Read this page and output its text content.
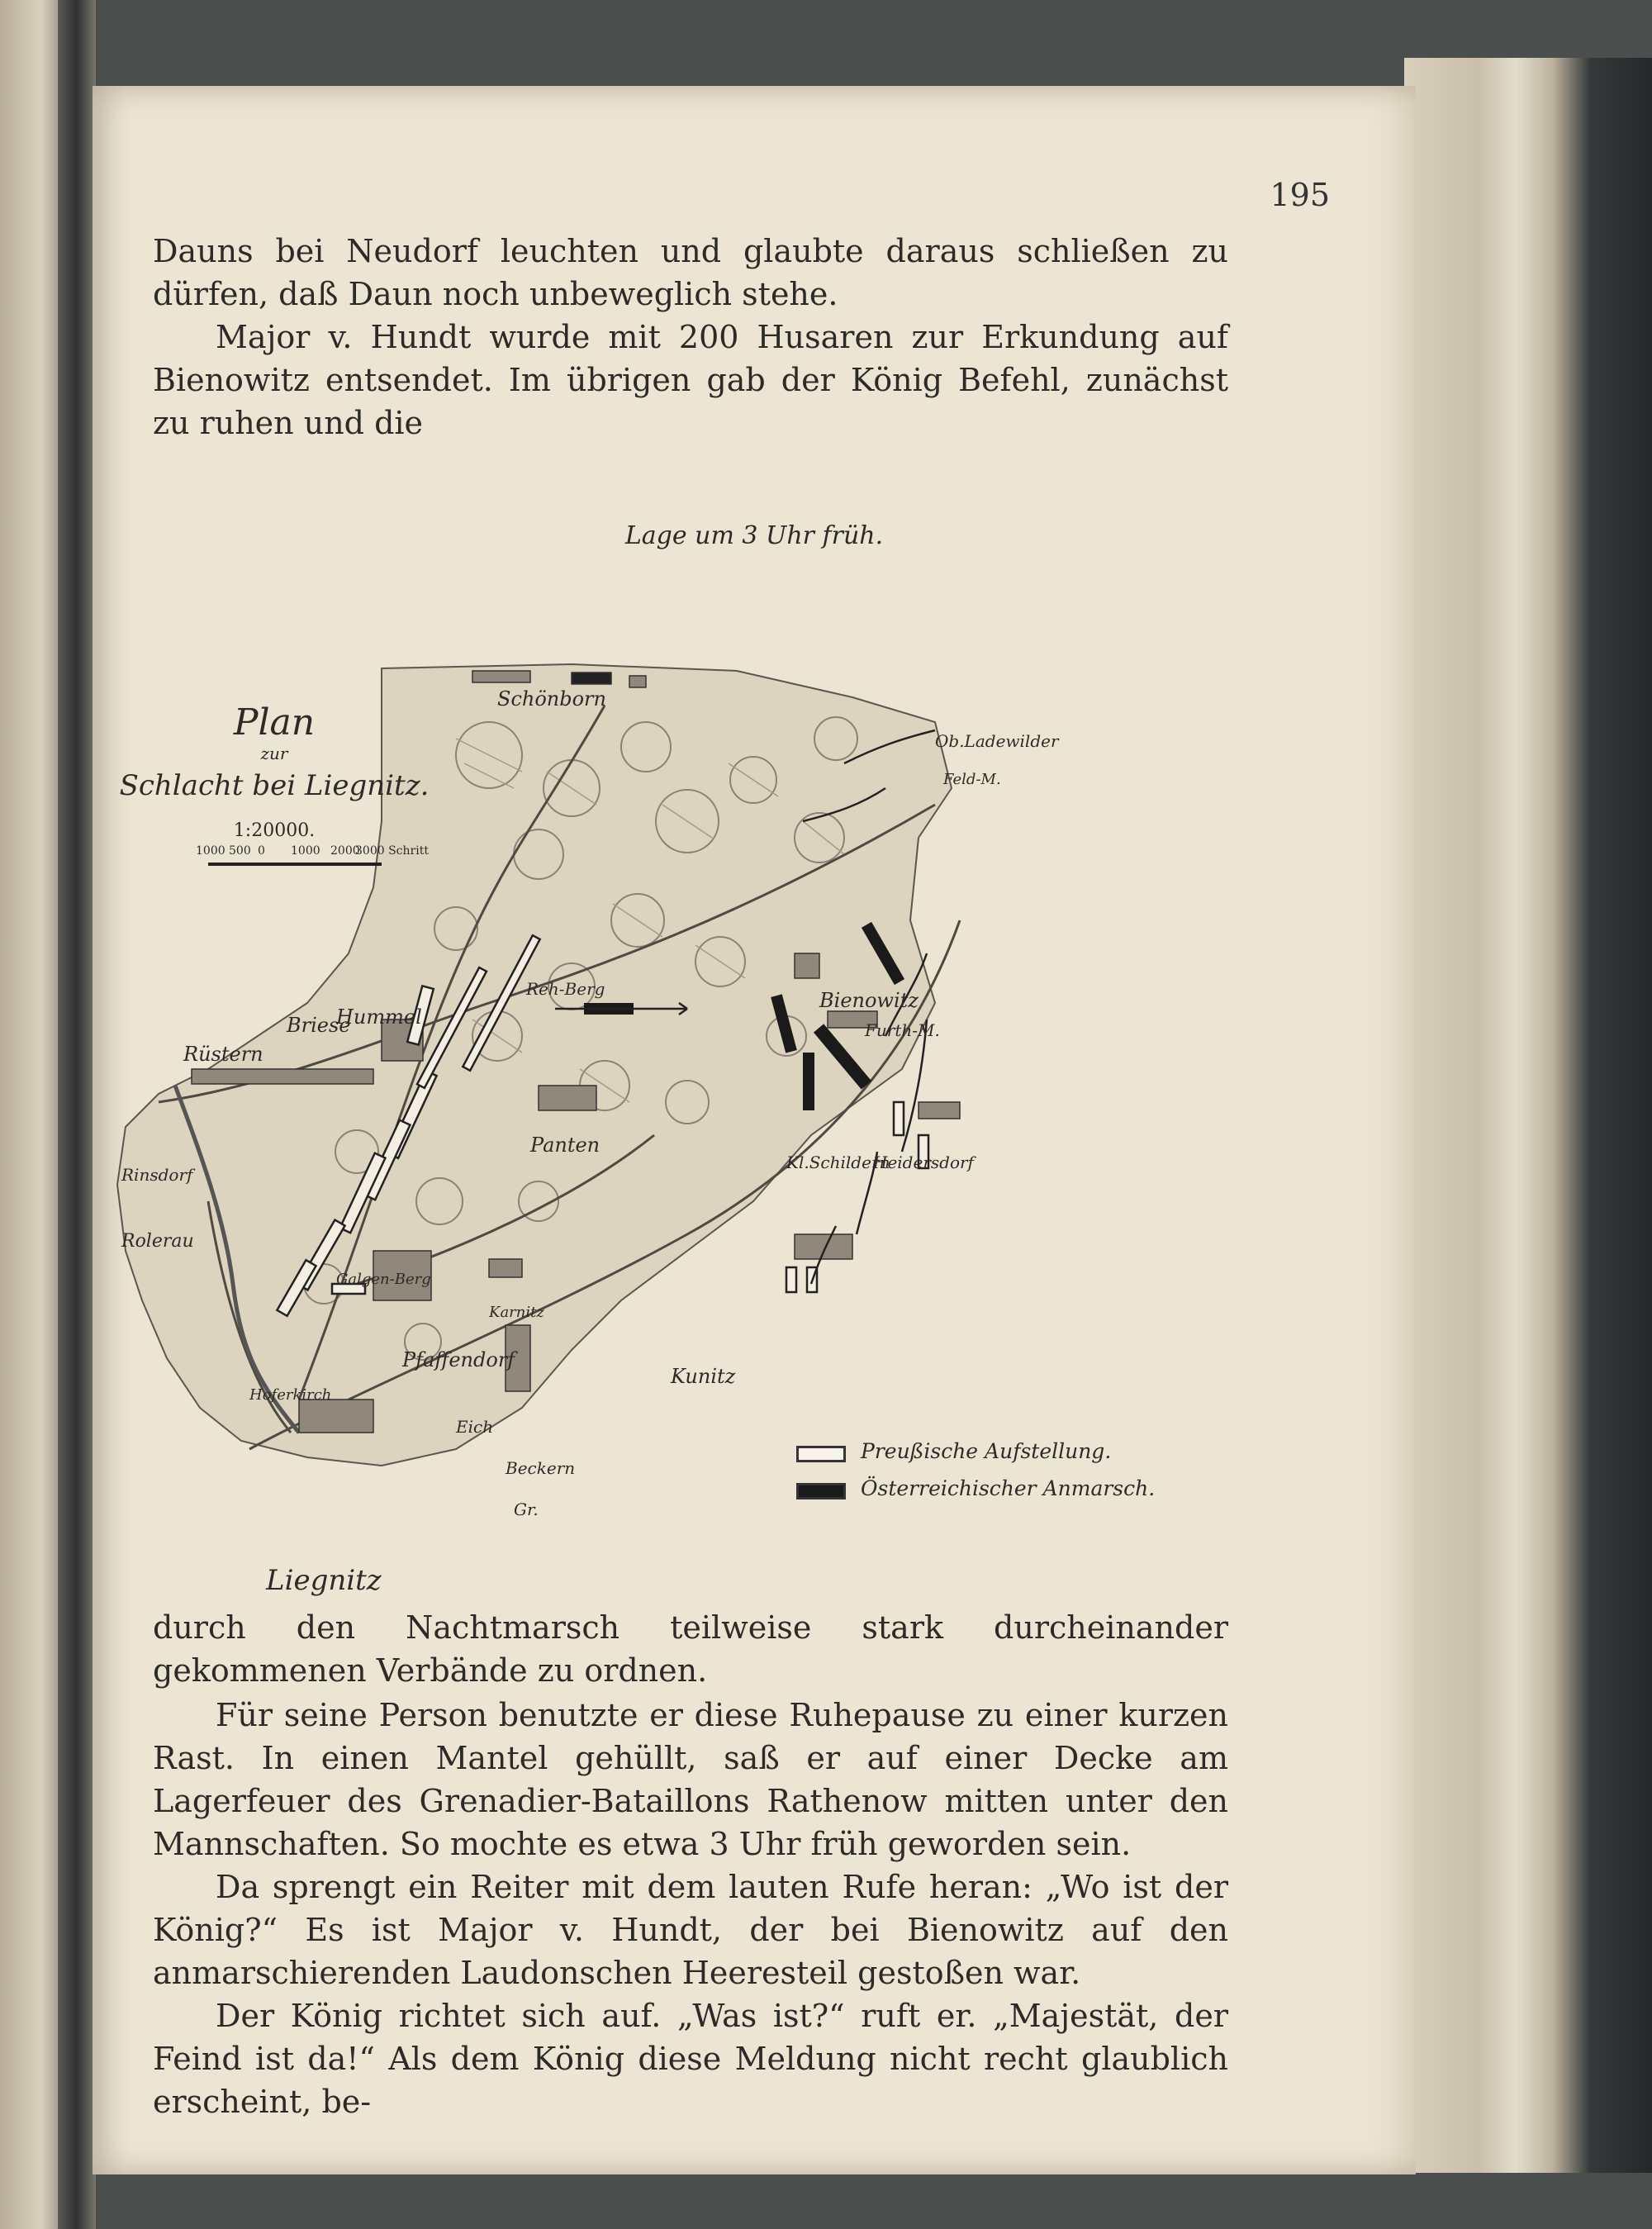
195

Dauns bei Neudorf leuchten und glaubte daraus schließen zu dürfen, daß Daun noch unbeweglich stehe.

Major v. Hundt wurde mit 200 Husaren zur Erkundung auf Bienowitz entsendet. Im übrigen gab der König Befehl, zunächst zu ruhen und die

Lage um 3 Uhr früh.
Plan
zur
Schlacht bei Liegnitz.
1:20000.
1000 500 0 1000 2000
3000 Schritt
Schönborn
Ob.Ladewilder
Feld-M.
Reh-Berg	Bienowitz
Furth-M.
Briese
Hummel
Rüstern
Panten
Kl.Schildern
Heidersdorf
Rinsdorf
Rolerau
Galgen-Berg
Pfaffendorf
Karnitz
Kunitz
Hoferkirch
Eich
Beckern
Gr.
Liegnitz
Preußische Aufstellung.
Österreichischer Anmarsch.

durch den Nachtmarsch teilweise stark durcheinander gekommenen Verbände zu ordnen.

Für seine Person benutzte er diese Ruhepause zu einer kurzen Rast. In einen Mantel gehüllt, saß er auf einer Decke am Lagerfeuer des Grenadier-Bataillons Rathenow mitten unter den Mannschaften. So mochte es etwa 3 Uhr früh geworden sein.

Da sprengt ein Reiter mit dem lauten Rufe heran: „Wo ist der König?“ Es ist Major v. Hundt, der bei Bienowitz auf den anmarschierenden Laudonschen Heeresteil gestoßen war.

Der König richtet sich auf. „Was ist?“ ruft er. „Majestät, der Feind ist da!“ Als dem König diese Meldung nicht recht glaublich erscheint, be-
